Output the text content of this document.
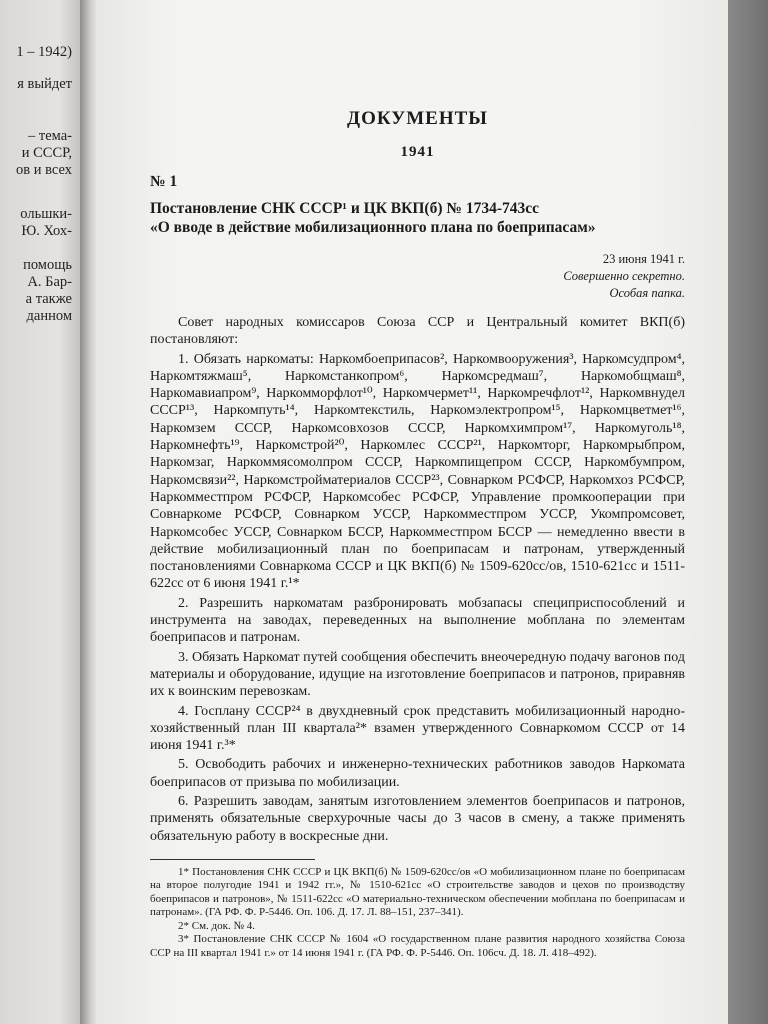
1 – 1942)
я выйдет
– тема-
и СССР,
ов и всех
ольшки-
Ю. Хох-
помощь
А. Бар-
а также
данном
ДОКУМЕНТЫ
1941
№ 1
Постановление СНК СССР¹ и ЦК ВКП(б) № 1734-743сс
«О вводе в действие мобилизационного плана по боеприпасам»
23 июня 1941 г.
Совершенно секретно.
Особая папка.

Совет народных комиссаров Союза ССР и Центральный комитет ВКП(б) постановляют:

1. Обязать наркоматы: Наркомбоеприпасов², Наркомвооружения³, Наркомсудпром⁴, Наркомтяжмаш⁵, Наркомстанкопром⁶, Наркомсредмаш⁷, Наркомобщмаш⁸, Наркомавиапром⁹, Наркомморфлот¹⁰, Наркомчермет¹¹, Наркомречфлот¹², Наркомвнудел СССР¹³, Наркомпуть¹⁴, Наркомтекстиль, Наркомэлектропром¹⁵, Наркомцветмет¹⁶, Наркомзем СССР, Наркомсовхозов СССР, Наркомхимпром¹⁷, Наркомуголь¹⁸, Наркомнефть¹⁹, Наркомстрой²⁰, Наркомлес СССР²¹, Наркомторг, Наркомрыбпром, Наркомзаг, Наркоммясомолпром СССР, Наркомпищепром СССР, Наркомбумпром, Наркомсвязи²², Наркомстройматериалов СССР²³, Совнарком РСФСР, Наркомхоз РСФСР, Наркомместпром РСФСР, Наркомсобес РСФСР, Управление промкооперации при Совнаркоме РСФСР, Совнарком УССР, Наркомместпром УССР, Укомпромсовет, Наркомсобес УССР, Совнарком БССР, Наркомместпром БССР — немедленно ввести в действие мобилизационный план по боеприпасам и патронам, утвержденный постановлениями Совнаркома СССР и ЦК ВКП(б) № 1509-620сс/ов, 1510-621сс и 1511-622сс от 6 июня 1941 г.¹*

2. Разрешить наркоматам разбронировать мобзапасы специприспособлений и инструмента на заводах, переведенных на выполнение мобплана по элементам боеприпасов и патронам.

3. Обязать Наркомат путей сообщения обеспечить внеочередную подачу вагонов под материалы и оборудование, идущие на изготовление боеприпасов и патронов, приравняв их к воинским перевозкам.

4. Госплану СССР²⁴ в двухдневный срок представить мобилизационный народно-хозяйственный план III квартала²* взамен утвержденного Совнаркомом СССР от 14 июня 1941 г.³*

5. Освободить рабочих и инженерно-технических работников заводов Наркомата боеприпасов от призыва по мобилизации.

6. Разрешить заводам, занятым изготовлением элементов боеприпасов и патронов, применять обязательные сверхурочные часы до 3 часов в смену, а также применять обязательную работу в воскресные дни.

1* Постановления СНК СССР и ЦК ВКП(б) № 1509-620сс/ов «О мобилизационном плане по боеприпасам на второе полугодие 1941 и 1942 гг.», № 1510-621сс «О строительстве заводов и цехов по производству боеприпасов и патронов», № 1511-622сс «О материально-техническом обеспечении мобплана по боеприпасам и патронам». (ГА РФ. Ф. Р-5446. Оп. 106. Д. 17. Л. 88–151, 237–341).

2* См. док. № 4.

3* Постановление СНК СССР № 1604 «О государственном плане развития народного хозяйства Союза ССР на III квартал 1941 г.» от 14 июня 1941 г. (ГА РФ. Ф. Р-5446. Оп. 106сч. Д. 18. Л. 418–492).
